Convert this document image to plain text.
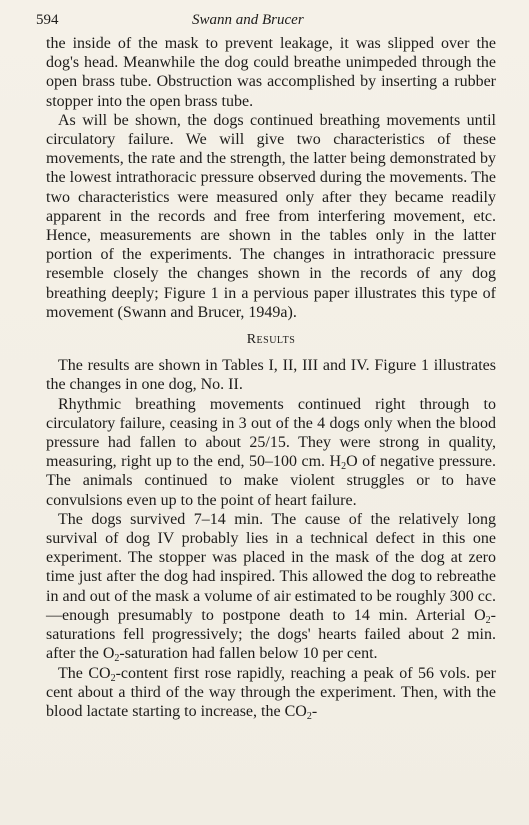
594	Swann and Brucer

the inside of the mask to prevent leakage, it was slipped over the dog's head. Meanwhile the dog could breathe unimpeded through the open brass tube. Obstruction was accomplished by inserting a rubber stopper into the open brass tube.

As will be shown, the dogs continued breathing movements until circulatory failure. We will give two characteristics of these movements, the rate and the strength, the latter being demonstrated by the lowest intrathoracic pressure observed during the movements. The two characteristics were measured only after they became readily apparent in the records and free from interfering movement, etc. Hence, measurements are shown in the tables only in the latter portion of the experiments. The changes in intrathoracic pressure resemble closely the changes shown in the records of any dog breathing deeply; Figure 1 in a pervious paper illustrates this type of movement (Swann and Brucer, 1949a).

Results

The results are shown in Tables I, II, III and IV. Figure 1 illustrates the changes in one dog, No. II.

Rhythmic breathing movements continued right through to circulatory failure, ceasing in 3 out of the 4 dogs only when the blood pressure had fallen to about 25/15. They were strong in quality, measuring, right up to the end, 50–100 cm. $H_2O$ of negative pressure. The animals continued to make violent struggles or to have convulsions even up to the point of heart failure.

The dogs survived 7–14 min. The cause of the relatively long survival of dog IV probably lies in a technical defect in this one experiment. The stopper was placed in the mask of the dog at zero time just after the dog had inspired. This allowed the dog to rebreathe in and out of the mask a volume of air estimated to be roughly 300 cc.—enough presumably to postpone death to 14 min. Arterial $O_2$-saturations fell progressively; the dogs' hearts failed about 2 min. after the $O_2$-saturation had fallen below 10 per cent.

The $CO_2$-content first rose rapidly, reaching a peak of 56 vols. per cent about a third of the way through the experiment. Then, with the blood lactate starting to increase, the $CO_2-$
